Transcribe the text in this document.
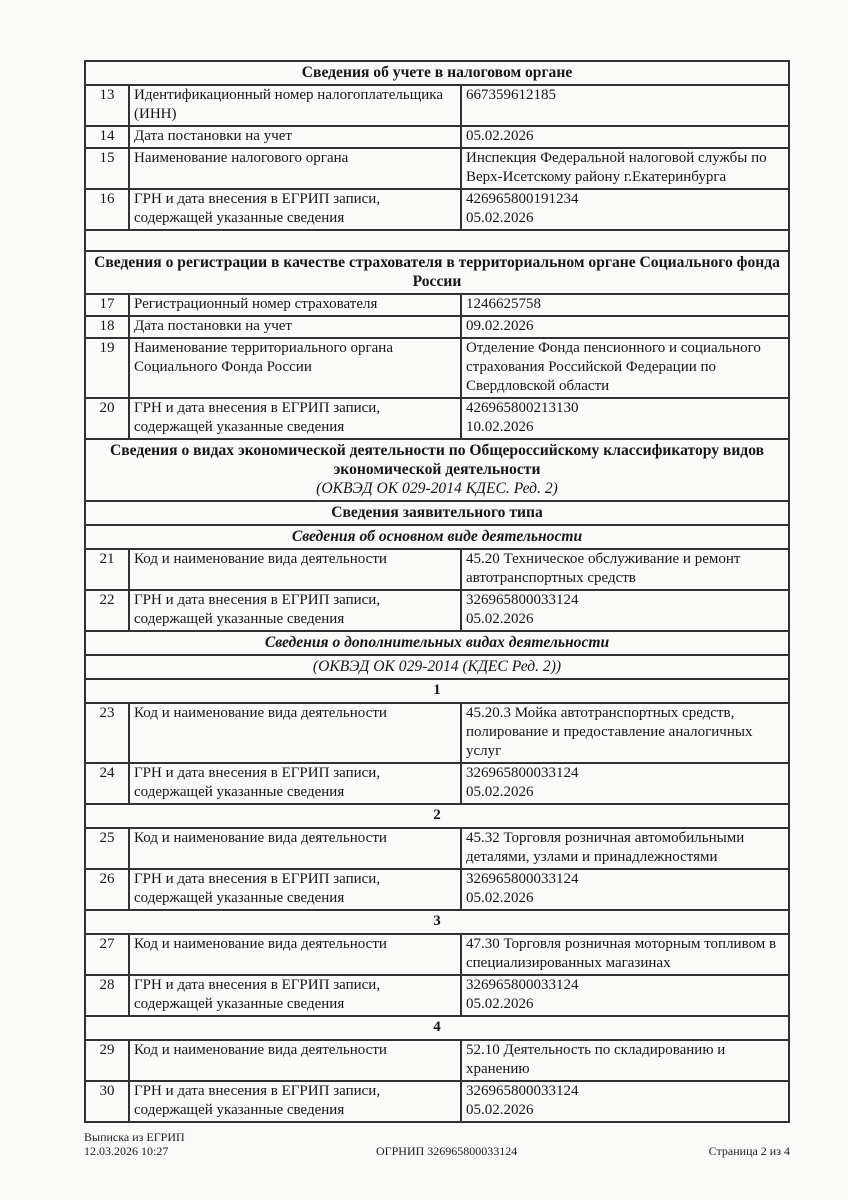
Сведения об учете в налоговом органе		

13	Идентификационный номер налогоплательщика (ИНН)	667359612185

14	Дата постановки на учет	05.02.2026

15	Наименование налогового органа	Инспекция Федеральной налоговой службы по Верх-Исетскому району г.Екатеринбурга

16	ГРН и дата внесения в ЕГРИП записи, содержащей указанные сведения	426965800191234
05.02.2026

Сведения о регистрации в качестве страхователя в территориальном органе Социального фонда России		

17	Регистрационный номер страхователя	1246625758

18	Дата постановки на учет	09.02.2026

19	Наименование территориального органа Социального Фонда России	Отделение Фонда пенсионного и социального страхования Российской Федерации по Свердловской области

20	ГРН и дата внесения в ЕГРИП записи, содержащей указанные сведения	426965800213130
10.02.2026

Сведения о видах экономической деятельности по Общероссийскому классификатору видов экономической деятельности
(ОКВЭД ОК 029-2014 КДЕС. Ред. 2)		

Сведения заявительного типа		

Сведения об основном виде деятельности		

21	Код и наименование вида деятельности	45.20 Техническое обслуживание и ремонт автотранспортных средств

22	ГРН и дата внесения в ЕГРИП записи, содержащей указанные сведения	326965800033124
05.02.2026

Сведения о дополнительных видах деятельности		

(ОКВЭД ОК 029-2014 (КДЕС Ред. 2))		

1		
23	Код и наименование вида деятельности	45.20.3 Мойка автотранспортных средств, полирование и предоставление аналогичных услуг

24	ГРН и дата внесения в ЕГРИП записи, содержащей указанные сведения	326965800033124
05.02.2026

2		
25	Код и наименование вида деятельности	45.32 Торговля розничная автомобильными деталями, узлами и принадлежностями

26	ГРН и дата внесения в ЕГРИП записи, содержащей указанные сведения	326965800033124
05.02.2026

3		
27	Код и наименование вида деятельности	47.30 Торговля розничная моторным топливом в специализированных магазинах

28	ГРН и дата внесения в ЕГРИП записи, содержащей указанные сведения	326965800033124
05.02.2026

4		
29	Код и наименование вида деятельности	52.10 Деятельность по складированию и хранению

30	ГРН и дата внесения в ЕГРИП записи, содержащей указанные сведения	326965800033124
05.02.2026
Выписка из ЕГРИП
12.03.2026 10:27	ОГРНИП 326965800033124	Страница 2 из 4
